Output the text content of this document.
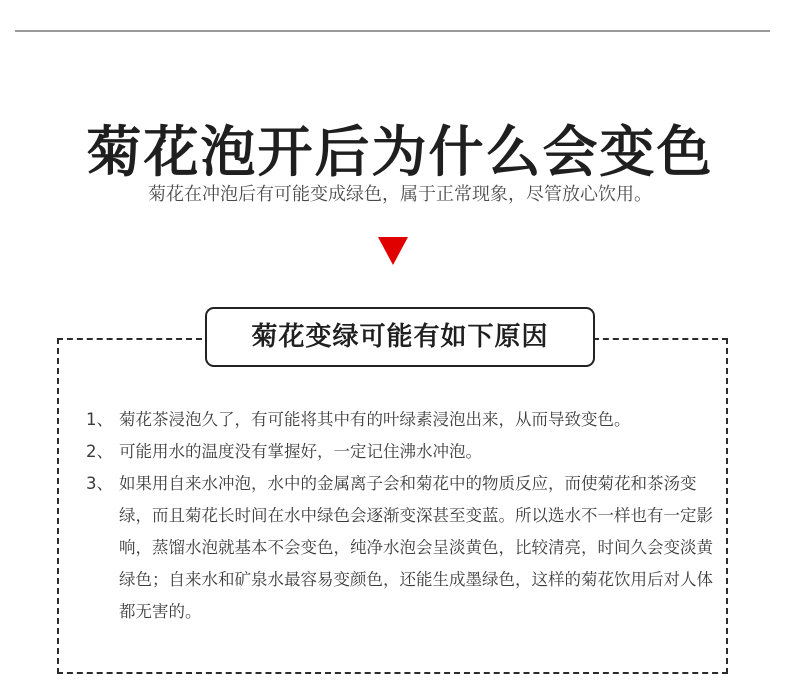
菊花泡开后为什么会变色

菊花在冲泡后有可能变成绿色，属于正常现象，尽管放心饮用。

菊花变绿可能有如下原因
1、 菊花茶浸泡久了，有可能将其中有的叶绿素浸泡出来，从而导致变色。
2、 可能用水的温度没有掌握好，一定记住沸水冲泡。
3、 如果用自来水冲泡，水中的金属离子会和菊花中的物质反应，而使菊花和茶汤变绿，而且菊花长时间在水中绿色会逐渐变深甚至变蓝。所以选水不一样也有一定影响，蒸馏水泡就基本不会变色，纯净水泡会呈淡黄色，比较清亮，时间久会变淡黄绿色；自来水和矿泉水最容易变颜色，还能生成墨绿色，这样的菊花饮用后对人体都无害的。
